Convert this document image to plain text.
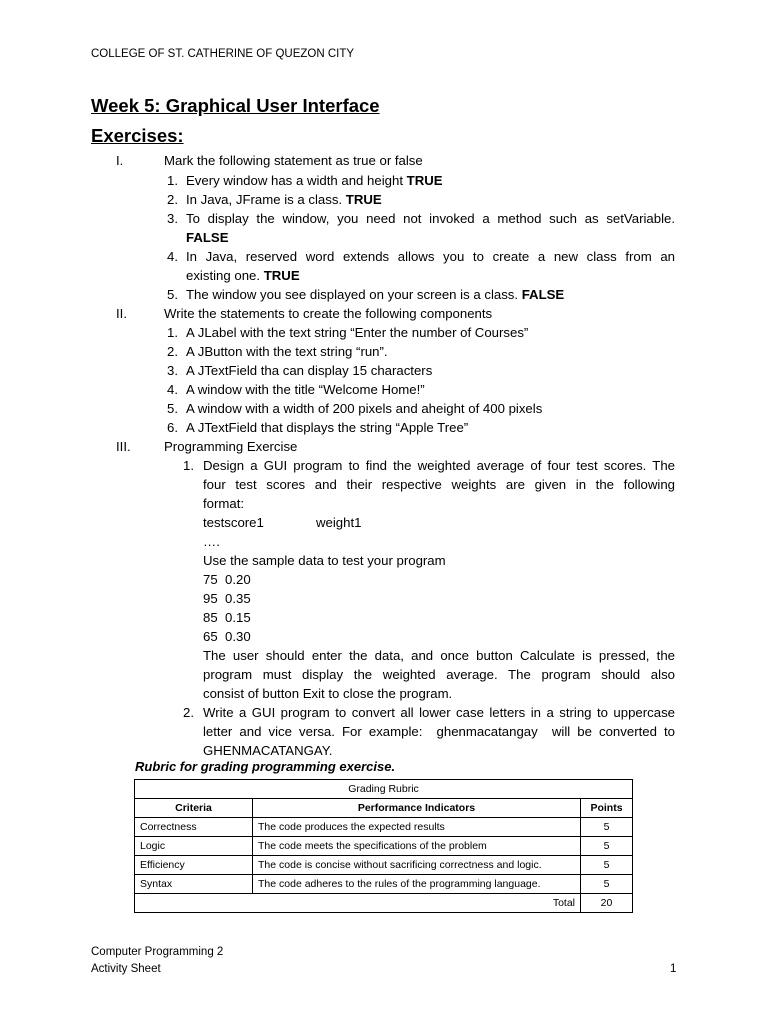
COLLEGE OF ST. CATHERINE OF QUEZON CITY
Week 5: Graphical User Interface
Exercises:
I.	Mark the following statement as true or false
1. Every window has a width and height TRUE
2. In Java, JFrame is a class. TRUE
3. To display the window, you need not invoked a method such as setVariable.
FALSE
4. In Java, reserved word extends allows you to create a new class from an
existing one. TRUE
5. The window you see displayed on your screen is a class. FALSE
II.	Write the statements to create the following components
1. A JLabel with the text string “Enter the number of Courses”
2. A JButton with the text string “run”.
3. A JTextField tha can display 15 characters
4. A window with the title “Welcome Home!”
5. A window with a width of 200 pixels and aheight of 400 pixels
6. A JTextField that displays the string “Apple Tree”
III.	Programming Exercise
1. Design a GUI program to find the weighted average of four test scores. The
four test scores and their respective weights are given in the following
format:
testscore1	weight1
….
Use the sample data to test your program
75  0.20
95  0.35
85  0.15
65  0.30
The user should enter the data, and once button Calculate is pressed, the
program must display the weighted average. The program should also
consist of button Exit to close the program.
2. Write a GUI program to convert all lower case letters in a string to uppercase
letter and vice versa. For example:  ghenmacatangay  will be converted to
GHENMACATANGAY.
Rubric for grading programming exercise.
Grading Rubric		
Criteria	Performance Indicators	Points
Correctness	The code produces the expected results	5
Logic	The code meets the specifications of the problem	5
Efficiency	The code is concise without sacrificing correctness and logic.	5
Syntax	The code adheres to the rules of the programming language.	5
Total		20
Computer Programming 2
Activity Sheet	1
